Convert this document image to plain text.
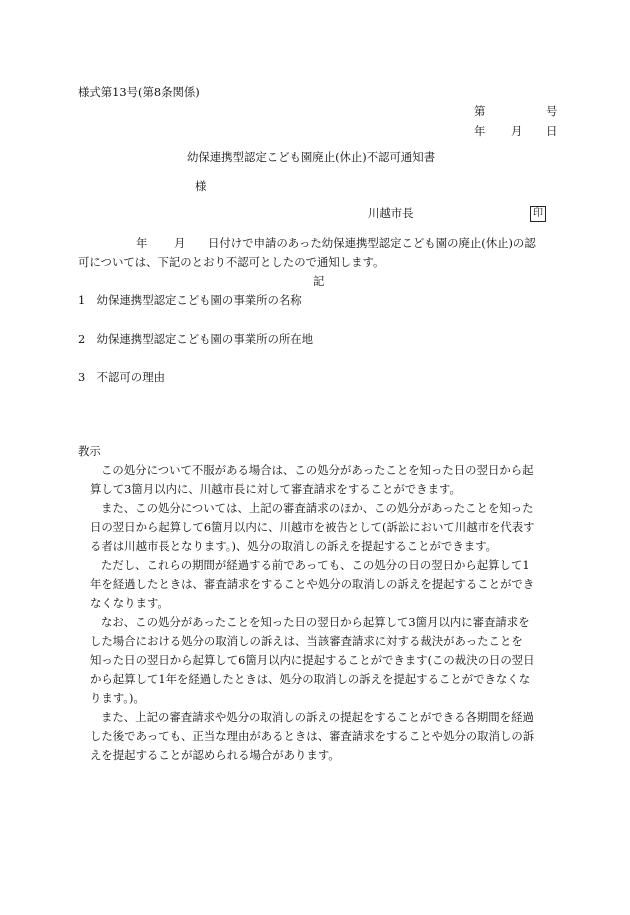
様式第13号(第8条関係)
第	号
年 月 日
幼保連携型認定こども園廃止(休止)不認可通知書
様
川越市長	印
年 月 日付けで申請のあった幼保連携型認定こども園の廃止(休止)の認
可については、下記のとおり不認可としたので通知します。
記
1　幼保連携型認定こども園の事業所の名称
2　幼保連携型認定こども園の事業所の所在地
3　不認可の理由
教示
この処分について不服がある場合は、この処分があったことを知った日の翌日から起
算して3箇月以内に、川越市長に対して審査請求をすることができます。
また、この処分については、上記の審査請求のほか、この処分があったことを知った
日の翌日から起算して6箇月以内に、川越市を被告として(訴訟において川越市を代表す
る者は川越市長となります。)、処分の取消しの訴えを提起することができます。
ただし、これらの期間が経過する前であっても、この処分の日の翌日から起算して1
年を経過したときは、審査請求をすることや処分の取消しの訴えを提起することができ
なくなります。
なお、この処分があったことを知った日の翌日から起算して3箇月以内に審査請求を
した場合における処分の取消しの訴えは、当該審査請求に対する裁決があったことを
知った日の翌日から起算して6箇月以内に提起することができます(この裁決の日の翌日
から起算して1年を経過したときは、処分の取消しの訴えを提起することができなくな
ります。)。
また、上記の審査請求や処分の取消しの訴えの提起をすることができる各期間を経過
した後であっても、正当な理由があるときは、審査請求をすることや処分の取消しの訴
えを提起することが認められる場合があります。
